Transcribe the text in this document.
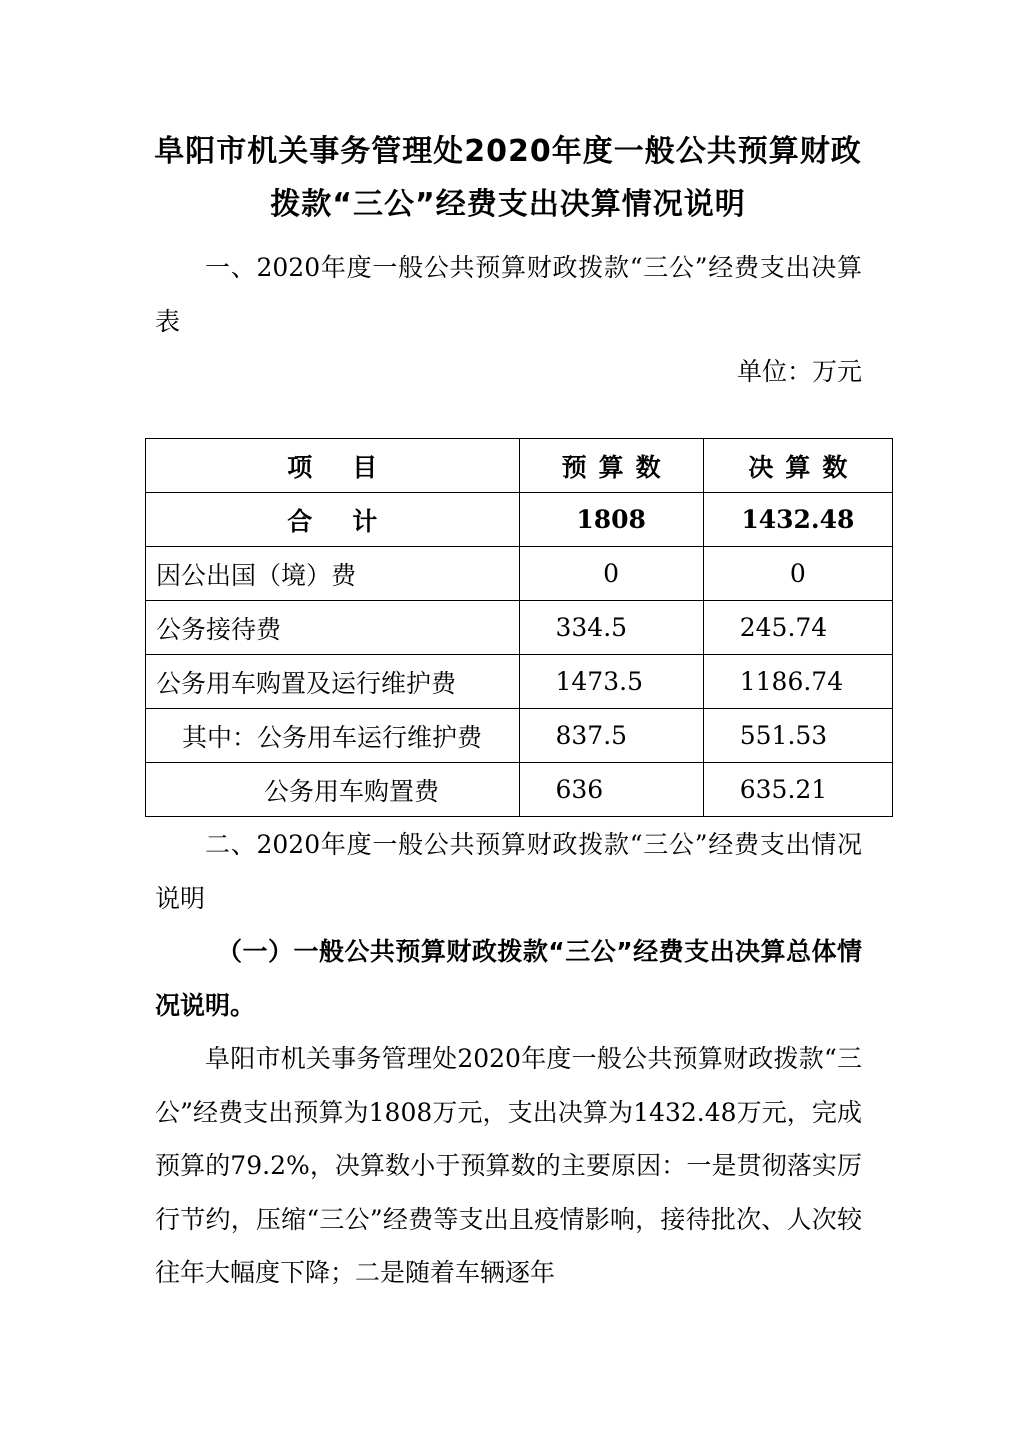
阜阳市机关事务管理处2020年度一般公共预算财政
拨款“三公”经费支出决算情况说明

一、2020年度一般公共预算财政拨款“三公”经费支出决算表

单位：万元
项目	预算数	决算数
合计	1808	1432.48
因公出国（境）费	0	0
公务接待费	334.5	245.74
公务用车购置及运行维护费	1473.5	1186.74
其中：公务用车运行维护费	837.5	551.53
公务用车购置费	636	635.21

二、2020年度一般公共预算财政拨款“三公”经费支出情况说明

（一）一般公共预算财政拨款“三公”经费支出决算总体情况说明。

阜阳市机关事务管理处2020年度一般公共预算财政拨款“三公”经费支出预算为1808万元，支出决算为1432.48万元，完成预算的79.2%，决算数小于预算数的主要原因：一是贯彻落实厉行节约，压缩“三公”经费等支出且疫情影响，接待批次、人次较往年大幅度下降；二是随着车辆逐年
